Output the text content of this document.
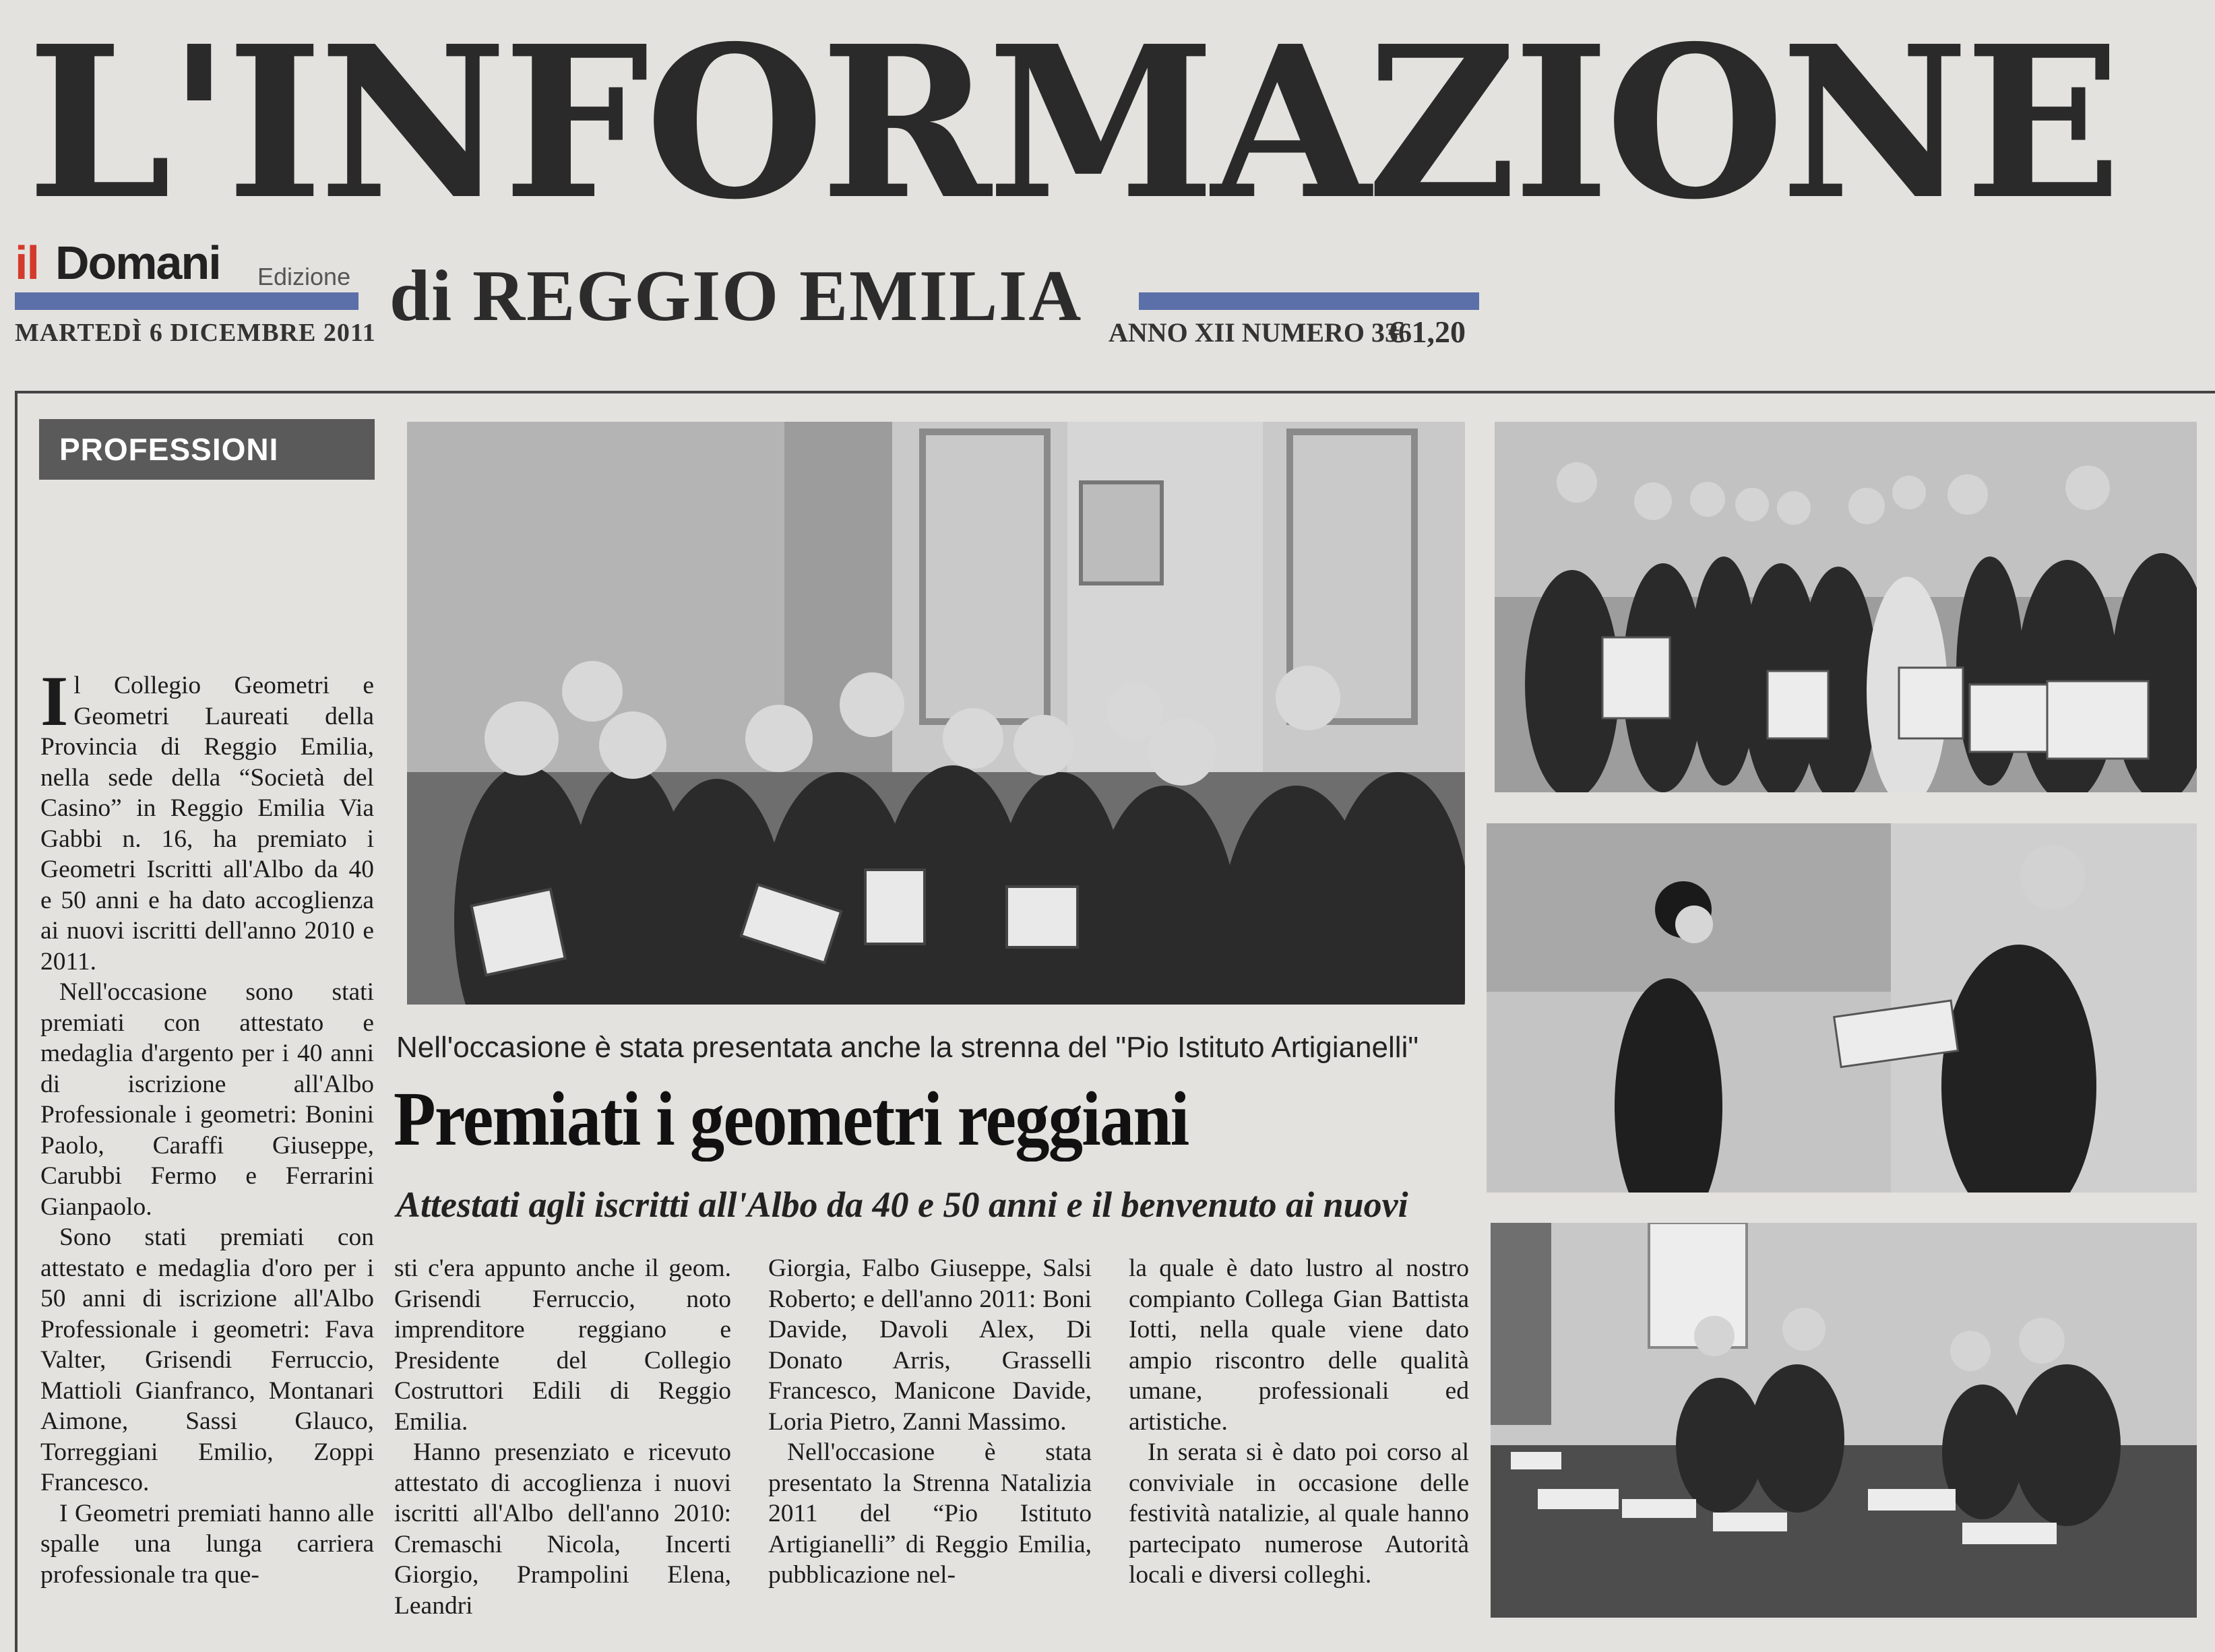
L'INFORMAZIONE
il Domani Edizione di REGGIO EMILIA
MARTEDÌ 6 DICEMBRE 2011	ANNO XII NUMERO 336
€ 1,20
PROFESSIONI
Nell'occasione è stata presentata anche la strenna del "Pio Istituto Artigianelli"
Premiati i geometri reggiani
Attestati agli iscritti all'Albo da 40 e 50 anni e il benvenuto ai nuovi

Il Collegio Geometri e Geometri Laureati della Provincia di Reggio Emilia, nella sede della “Società del Casino” in Reggio Emilia Via Gabbi n. 16, ha premiato i Geometri Iscritti all'Albo da 40 e 50 anni e ha dato accoglienza ai nuovi iscritti dell'anno 2010 e 2011.

Nell'occasione sono stati premiati con attestato e medaglia d'argento per i 40 anni di iscrizione all'Albo Professionale i geometri: Bonini Paolo, Caraffi Giuseppe, Carubbi Fermo e Ferrarini Gianpaolo.

Sono stati premiati con attestato e medaglia d'oro per i 50 anni di iscrizione all'Albo Professionale i geometri: Fava Valter, Grisendi Ferruccio, Mattioli Gianfranco, Montanari Aimone, Sassi Glauco, Torreggiani Emilio, Zoppi Francesco.

I Geometri premiati hanno alle spalle una lunga carriera professionale tra que-

sti c'era appunto anche il geom. Grisendi Ferruccio, noto imprenditore reggiano e Presidente del Collegio Costruttori Edili di Reggio Emilia.

Hanno presenziato e ricevuto attestato di accoglienza i nuovi iscritti all'Albo dell'anno 2010: Cremaschi Nicola, Incerti Giorgio, Prampolini Elena, Leandri

Giorgia, Falbo Giuseppe, Salsi Roberto; e dell'anno 2011: Boni Davide, Davoli Alex, Di Donato Arris, Grasselli Francesco, Manicone Davide, Loria Pietro, Zanni Massimo.

Nell'occasione è stata presentato la Strenna Natalizia 2011 del “Pio Istituto Artigianelli” di Reggio Emilia, pubblicazione nel-

la quale è dato lustro al nostro compianto Collega Gian Battista Iotti, nella quale viene dato ampio riscontro delle qualità umane, professionali ed artistiche.

In serata si è dato poi corso al conviviale in occasione delle festività natalizie, al quale hanno partecipato numerose Autorità locali e diversi colleghi.
